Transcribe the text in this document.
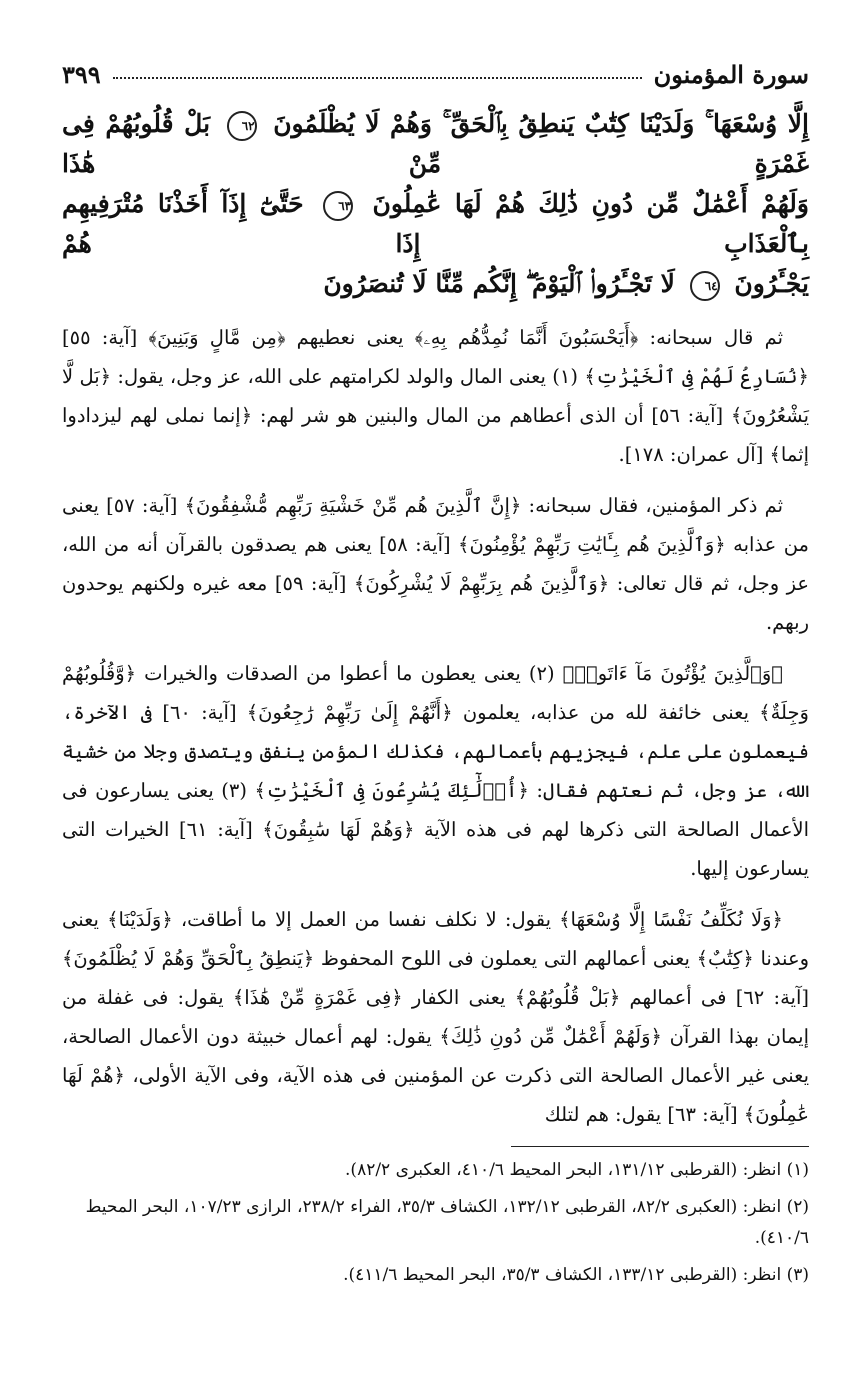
سورة المؤمنون
٣٩٩

إِلَّا وُسْعَهَا ۚ وَلَدَيْنَا كِتَٰبٌ يَنطِقُ بِٱلْحَقِّ ۚ وَهُمْ لَا يُظْلَمُونَ ٦٢ بَلْ قُلُوبُهُمْ فِى غَمْرَةٍ مِّنْ هَٰذَا

وَلَهُمْ أَعْمَٰلٌ مِّن دُونِ ذَٰلِكَ هُمْ لَهَا عَٰمِلُونَ ٦٣ حَتَّىٰٓ إِذَآ أَخَذْنَا مُتْرَفِيهِم بِٱلْعَذَابِ إِذَا هُمْ

يَجْـَٔرُونَ ٦٤ لَا تَجْـَٔرُوا۟ ٱلْيَوْمَ ۖ إِنَّكُم مِّنَّا لَا تُنصَرُونَ

ثم قال سبحانه: ﴿أَيَحْسَبُونَ أَنَّمَا نُمِدُّهُم بِهِۦ﴾ يعنى نعطيهم ﴿مِن مَّالٍ وَبَنِينَ﴾ [آية: ٥٥] ﴿نُسَارِعُ لَهُمْ فِى ٱلْخَيْرَٰتِ﴾ (١) يعنى المال والولد لكرامتهم على الله، عز وجل، يقول: ﴿بَل لَّا يَشْعُرُونَ﴾ [آية: ٥٦] أن الذى أعطاهم من المال والبنين هو شر لهم: ﴿إنما نملى لهم ليزدادوا إثما﴾ [آل عمران: ١٧٨].

ثم ذكر المؤمنين، فقال سبحانه: ﴿إِنَّ ٱلَّذِينَ هُم مِّنْ خَشْيَةِ رَبِّهِم مُّشْفِقُونَ﴾ [آية: ٥٧] يعنى من عذابه ﴿وَٱلَّذِينَ هُم بِـَٔايَٰتِ رَبِّهِمْ يُؤْمِنُونَ﴾ [آية: ٥٨] يعنى هم يصدقون بالقرآن أنه من الله، عز وجل، ثم قال تعالى: ﴿وَٱلَّذِينَ هُم بِرَبِّهِمْ لَا يُشْرِكُونَ﴾ [آية: ٥٩] معه غيره ولكنهم يوحدون ربهم.

﴿وَٱلَّذِينَ يُؤْتُونَ مَآ ءَاتَوا۟﴾ (٢) يعنى يعطون ما أعطوا من الصدقات والخيرات ﴿وَّقُلُوبُهُمْ وَجِلَةٌ﴾ يعنى خائفة لله من عذابه، يعلمون ﴿أَنَّهُمْ إِلَىٰ رَبِّهِمْ رَٰجِعُونَ﴾ [آية: ٦٠] فى الآخرة، فيعملون على علم، فيجزيهم بأعمالهم، فكذلك المؤمن ينفق ويتصدق وجلا من خشية الله، عز وجل، ثم نعتهم فقال: ﴿أُو۟لَٰٓئِكَ يُسَٰرِعُونَ فِى ٱلْخَيْرَٰتِ﴾ (٣) يعنى يسارعون فى الأعمال الصالحة التى ذكرها لهم فى هذه الآية ﴿وَهُمْ لَهَا سَٰبِقُونَ﴾ [آية: ٦١] الخيرات التى يسارعون إليها.

﴿وَلَا نُكَلِّفُ نَفْسًا إِلَّا وُسْعَهَا﴾ يقول: لا نكلف نفسا من العمل إلا ما أطاقت، ﴿وَلَدَيْنَا﴾ يعنى وعندنا ﴿كِتَٰبٌ﴾ يعنى أعمالهم التى يعملون فى اللوح المحفوظ ﴿يَنطِقُ بِٱلْحَقِّ وَهُمْ لَا يُظْلَمُونَ﴾ [آية: ٦٢] فى أعمالهم ﴿بَلْ قُلُوبُهُمْ﴾ يعنى الكفار ﴿فِى غَمْرَةٍ مِّنْ هَٰذَا﴾ يقول: فى غفلة من إيمان بهذا القرآن ﴿وَلَهُمْ أَعْمَٰلٌ مِّن دُونِ ذَٰلِكَ﴾ يقول: لهم أعمال خبيثة دون الأعمال الصالحة، يعنى غير الأعمال الصالحة التى ذكرت عن المؤمنين فى هذه الآية، وفى الآية الأولى، ﴿هُمْ لَهَا عَٰمِلُونَ﴾ [آية: ٦٣] يقول: هم لتلك

(١) انظر: (القرطبى ١٣١/١٢، البحر المحيط ٤١٠/٦، العكبرى ٨٢/٢).

(٢) انظر: (العكبرى ٨٢/٢، القرطبى ١٣٢/١٢، الكشاف ٣٥/٣، الفراء ٢٣٨/٢، الرازى ١٠٧/٢٣، البحر المحيط ٤١٠/٦).

(٣) انظر: (القرطبى ١٣٣/١٢، الكشاف ٣٥/٣، البحر المحيط ٤١١/٦).
